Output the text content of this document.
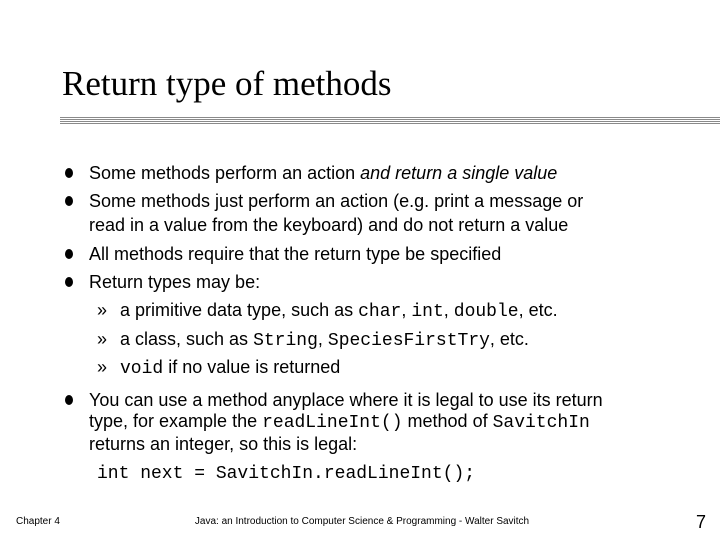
Return type of methods
Some methods perform an action and return a single value
Some methods just perform an action (e.g. print a message or
read in a value from the keyboard) and do not return a value
All methods require that the return type be specified
Return types may be:
» a primitive data type, such as char, int, double, etc.
» a class, such as String, SpeciesFirstTry, etc.
» void if no value is returned
You can use a method anyplace where it is legal to use its return
type, for example the readLineInt() method of SavitchIn
returns an integer, so this is legal:
int next = SavitchIn.readLineInt();
Chapter 4	Java: an Introduction to Computer Science & Programming - Walter Savitch	7
